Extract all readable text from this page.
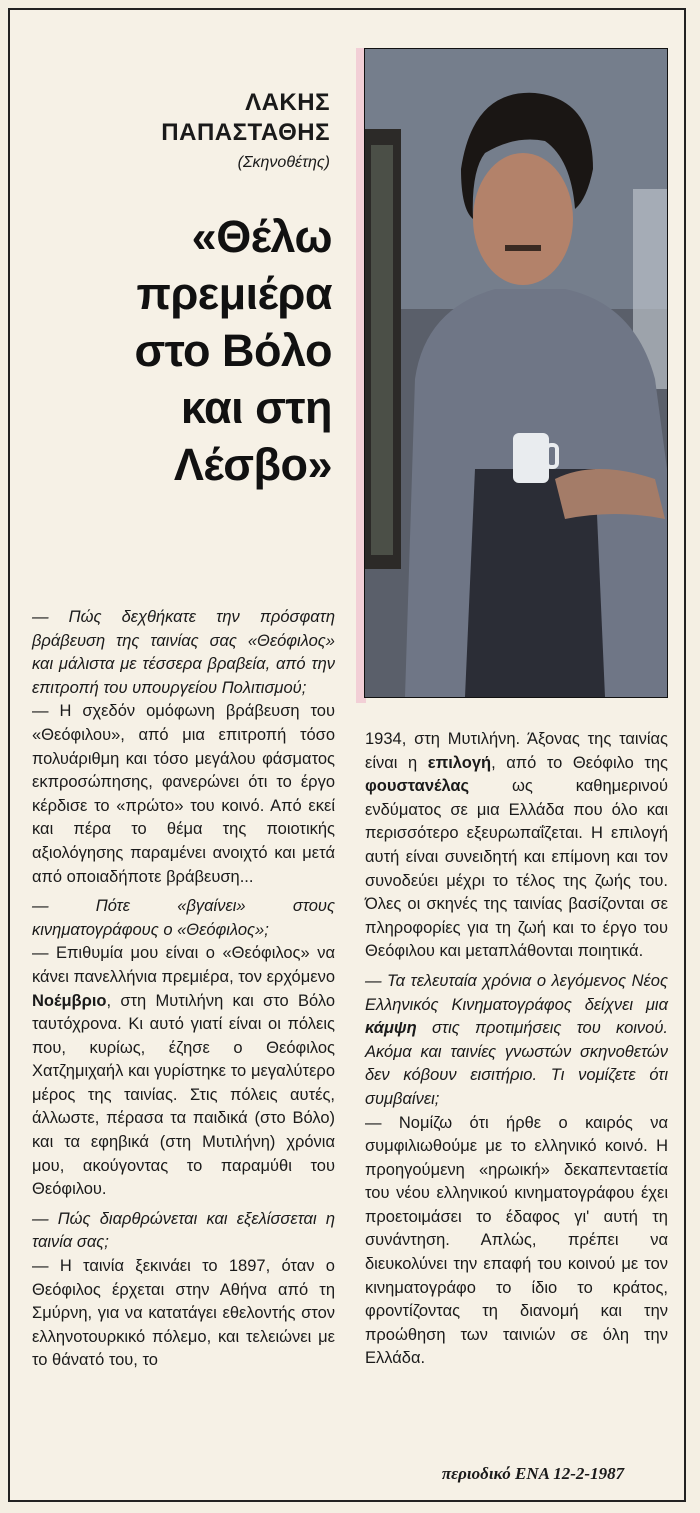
ΛΑΚΗΣ

ΠΑΠΑΣΤΑΘΗΣ

(Σκηνοθέτης)
«Θέλω
πρεμιέρα
στο Βόλο
και στη
Λέσβο»

— Πώς δεχθήκατε την πρόσφατη βράβευση της ταινίας σας «Θεόφιλος» και μάλιστα με τέσσερα βραβεία, από την επιτροπή του υπουργείου Πολιτισμού;

— Η σχεδόν ομόφωνη βράβευση του «Θεόφιλου», από μια επιτροπή τόσο πολυάριθμη και τόσο μεγάλου φάσματος εκπροσώπησης, φανερώνει ότι το έργο κέρδισε το «πρώτο» του κοινό. Από εκεί και πέρα το θέμα της ποιοτικής αξιολόγησης παραμένει ανοιχτό και μετά από οποιαδήποτε βράβευση...

— Πότε «βγαίνει» στους κινηματογράφους ο «Θεόφιλος»;

— Επιθυμία μου είναι ο «Θεόφιλος» να κάνει πανελλήνια πρεμιέρα, τον ερχόμενο Νοέμβριο, στη Μυτιλήνη και στο Βόλο ταυτόχρονα. Κι αυτό γιατί είναι οι πόλεις που, κυρίως, έζησε ο Θεόφιλος Χατζημιχαήλ και γυρίστηκε το μεγαλύτερο μέρος της ταινίας. Στις πόλεις αυτές, άλλωστε, πέρασα τα παιδικά (στο Βόλο) και τα εφηβικά (στη Μυτιλήνη) χρόνια μου, ακούγοντας το παραμύθι του Θεόφιλου.

— Πώς διαρθρώνεται και εξελίσσεται η ταινία σας;

— Η ταινία ξεκινάει το 1897, όταν ο Θεόφιλος έρχεται στην Αθήνα από τη Σμύρνη, για να κατατάγει εθελοντής στον ελληνοτουρκικό πόλεμο, και τελειώνει με το θάνατό του, το

1934, στη Μυτιλήνη. Άξονας της ταινίας είναι η επιλογή, από το Θεόφιλο της φουστανέλας ως καθημερινού ενδύματος σε μια Ελλάδα που όλο και περισσότερο εξευρωπαΐζεται. Η επιλογή αυτή είναι συνειδητή και επίμονη και τον συνοδεύει μέχρι το τέλος της ζωής του. Όλες οι σκηνές της ταινίας βασίζονται σε πληροφορίες για τη ζωή και το έργο του Θεόφιλου και μεταπλάθονται ποιητικά.

— Τα τελευταία χρόνια ο λεγόμενος Νέος Ελληνικός Κινηματογράφος δείχνει μια κάμψη στις προτιμήσεις του κοινού. Ακόμα και ταινίες γνωστών σκηνοθετών δεν κόβουν εισιτήριο. Τι νομίζετε ότι συμβαίνει;

— Νομίζω ότι ήρθε ο καιρός να συμφιλιωθούμε με το ελληνικό κοινό. Η προηγούμενη «ηρωική» δεκαπενταετία του νέου ελληνικού κινηματογράφου έχει προετοιμάσει το έδαφος γι' αυτή τη συνάντηση. Απλώς, πρέπει να διευκολύνει την επαφή του κοινού με τον κινηματογράφο το ίδιο το κράτος, φροντίζοντας τη διανομή και την προώθηση των ταινιών σε όλη την Ελλάδα.

περιοδικό ΕΝΑ 12-2-1987
